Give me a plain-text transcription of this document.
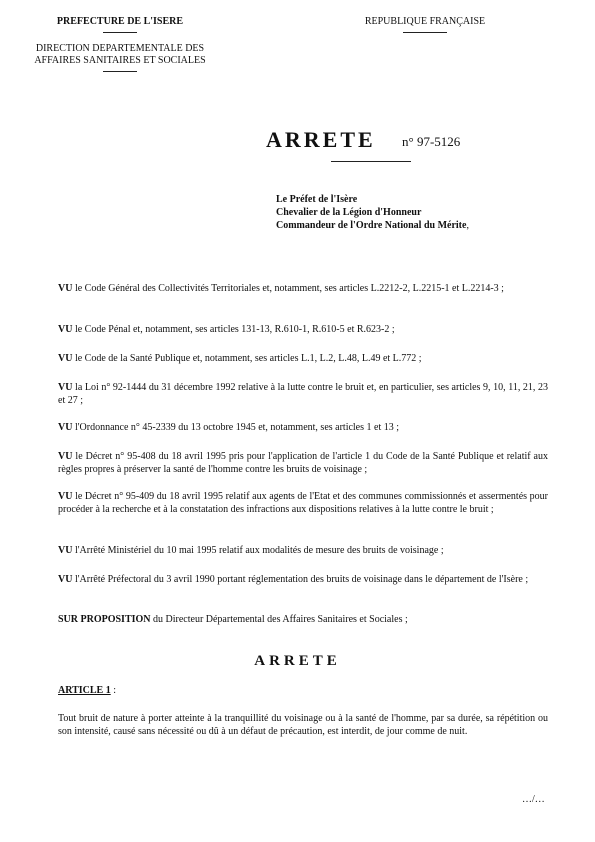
PREFECTURE DE L'ISERE
DIRECTION DEPARTEMENTALE DES
AFFAIRES SANITAIRES ET SOCIALES
REPUBLIQUE FRANÇAISE
ARRETE n° 97-5126
Le Préfet de l'Isère
Chevalier de la Légion d'Honneur
Commandeur de l'Ordre National du Mérite,

VU le Code Général des Collectivités Territoriales et, notamment, ses articles L.2212-2, L.2215-1 et L.2214-3 ;

VU le Code Pénal et, notamment, ses articles 131-13, R.610-1, R.610-5 et R.623-2 ;

VU le Code de la Santé Publique et, notamment, ses articles L.1, L.2, L.48, L.49 et L.772 ;

VU la Loi n° 92-1444 du 31 décembre 1992 relative à la lutte contre le bruit et, en particulier, ses articles 9, 10, 11, 21, 23 et 27 ;

VU l'Ordonnance n° 45-2339 du 13 octobre 1945 et, notamment, ses articles 1 et 13 ;

VU le Décret n° 95-408 du 18 avril 1995 pris pour l'application de l'article 1 du Code de la Santé Publique et relatif aux règles propres à préserver la santé de l'homme contre les bruits de voisinage ;

VU le Décret n° 95-409 du 18 avril 1995 relatif aux agents de l'Etat et des communes commissionnés et assermentés pour procéder à la recherche et à la constatation des infractions aux dispositions relatives à la lutte contre le bruit ;

VU l'Arrêté Ministériel du 10 mai 1995 relatif aux modalités de mesure des bruits de voisinage ;

VU l'Arrêté Préfectoral du 3 avril 1990 portant réglementation des bruits de voisinage dans le département de l'Isère ;

SUR PROPOSITION du Directeur Départemental des Affaires Sanitaires et Sociales ;

ARRETE
ARTICLE 1 :

Tout bruit de nature à porter atteinte à la tranquillité du voisinage ou à la santé de l'homme, par sa durée, sa répétition ou son intensité, causé sans nécessité ou dû à un défaut de précaution, est interdit, de jour comme de nuit.

…/…
